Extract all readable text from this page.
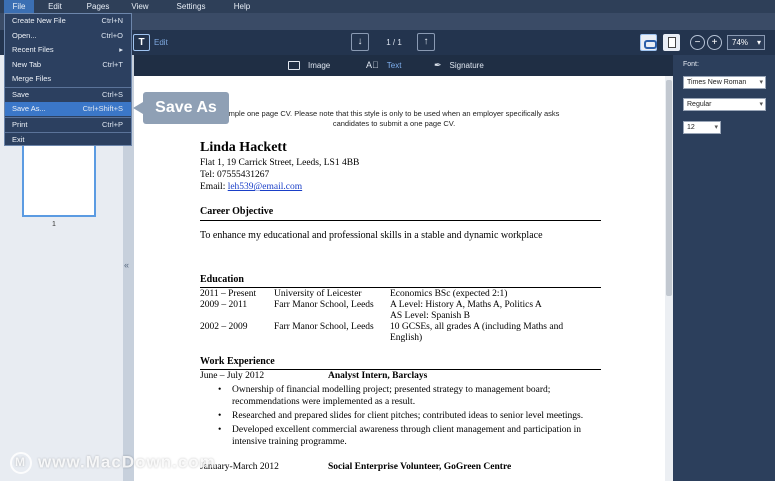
File	Edit	Pages	View	Settings	Help
T	Edit	↓	1 / 1	↑	−	+	74% ▾
Image	A⃞ Text	✒ Signature
1
«
mple one page CV. Please note that this style is only to be used when an employer specifically asks
candidates to submit a one page CV.
Linda Hackett
Flat 1, 19 Carrick Street, Leeds, LS1 4BB
Tel: 07555431267
Email: leh539@email.com
Career Objective
To enhance my educational and professional skills in a stable and dynamic workplace
Education
2011 – Present	University of Leicester	Economics BSc (expected 2:1)
2009 – 2011	Farr Manor School, Leeds	A Level: History A, Maths A, Politics A
AS Level: Spanish B
2002 – 2009	Farr Manor School, Leeds	10 GCSEs, all grades A (including Maths and
English)
Work Experience
June – July 2012	Analyst Intern, Barclays
• Ownership of financial modelling project; presented strategy to management board;
recommendations were implemented as a result.
• Researched and prepared slides for client pitches; contributed ideas to senior level meetings.
• Developed excellent commercial awareness through client management and participation in
intensive training programme.
January-March 2012	Social Enterprise Volunteer, GoGreen Centre
Font:
Times New Roman ▾
Regular ▾
12 ▾
Create New File	Ctrl+N
Open...	Ctrl+O
Recent Files	▸
New Tab	Ctrl+T
Merge Files
Save	Ctrl+S
Save As...	Ctrl+Shift+S
Print	Ctrl+P
Exit
Save As
Mwww.MacDown.com
